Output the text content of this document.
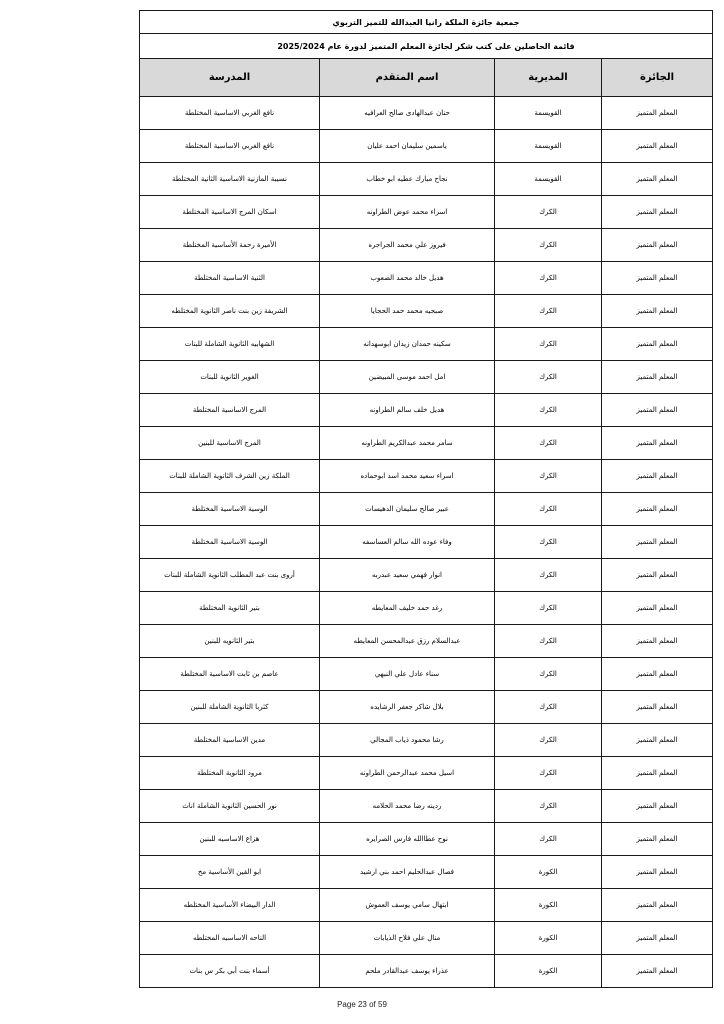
جمعية جائزة الملكة رانيا العبدالله للتميز التربوي			
قائمة الحاصلين على كتب شكر لجائزة المعلم المتميز لدورة عام 2025/2024			
الجائزة	المديرية	اسم المتقدم	المدرسة
المعلم المتميز	القويسمة	حنان عبدالهادى صالح العرافيه	نافع الغربي الاساسية المختلطة
المعلم المتميز	القويسمة	ياسمين سليمان احمد عليان	نافع الغربي الاساسية المختلطة
المعلم المتميز	القويسمة	نجاح مبارك عطيه ابو خطاب	نسيبة المازنية الاساسية الثانية المختلطة
المعلم المتميز	الكرك	اسراء محمد عوض الطراونه	اسكان المرج الاساسية المختلطة
المعلم المتميز	الكرك	فيروز علي محمد الجراجره	الأميرة رحمة الأساسية المختلطة
المعلم المتميز	الكرك	هديل خالد محمد الصعوب	الثنية الاساسية المختلطة
المعلم المتميز	الكرك	صبحيه محمد حمد الحجايا	الشريفة زين بنت ناصر الثانوية المختلطه
المعلم المتميز	الكرك	سكينه حمدان زيدان ابوسهدانه	الشهابيه الثانوية الشاملة للبنات
المعلم المتميز	الكرك	امل احمد موسى المبيضين	الغوير الثانوية للبنات
المعلم المتميز	الكرك	هديل خلف سالم الطراونه	المرج الاساسية المختلطة
المعلم المتميز	الكرك	سامر محمد عبدالكريم الطراونه	المرج الاساسية للبنين
المعلم المتميز	الكرك	اسراء سعيد محمد اسد ابوحماده	الملكة زين الشرف الثانوية الشاملة للبنات
المعلم المتميز	الكرك	عبير صالح سليمان الدهيسات	الوسية الاساسية المختلطة
المعلم المتميز	الكرك	وفاء عوده الله سالم العساسفه	الوسية الاساسية المختلطة
المعلم المتميز	الكرك	انوار فهمي سعيد عبدربه	أروى بنت عبد المطلب الثانوية الشاملة للبنات
المعلم المتميز	الكرك	رغد حمد خليف المعايطه	بتير الثانوية المختلطة
المعلم المتميز	الكرك	عبدالسلام رزق عبدالمحسن المعايطه	بتير الثانويه للبنين
المعلم المتميز	الكرك	سناء عادل علي النبهي	عاصم بن ثابت الاساسية المختلطة
المعلم المتميز	الكرك	بلال شاكر جعفر الرشايده	كثربا الثانوية الشاملة للبنين
المعلم المتميز	الكرك	رشا محمود ذياب المجالي	مدين الاساسية المختلطة
المعلم المتميز	الكرك	اسيل محمد عبدالرحمن الطراونه	مرود الثانوية المختلطة
المعلم المتميز	الكرك	ردينه رضا محمد الحلامه	نور الحسين الثانوية الشاملة اناث
المعلم المتميز	الكرك	نوح عطاالله فارس الصرايره	هزاع الاساسيه للبنين
المعلم المتميز	الكورة	فصال عبدالحليم احمد بني ارشيد	ابو القين الأساسية مخ
المعلم المتميز	الكورة	ابتهال سامي يوسف العموش	الدار البيضاء الأساسية المختلطه
المعلم المتميز	الكورة	منال علي فلاح الذيابات	الناحه الاساسيه المختلطه
المعلم المتميز	الكورة	عذراء يوسف عبدالقادر ملحم	أسماء بنت أبي بكر س بنات
Page 23 of 59
